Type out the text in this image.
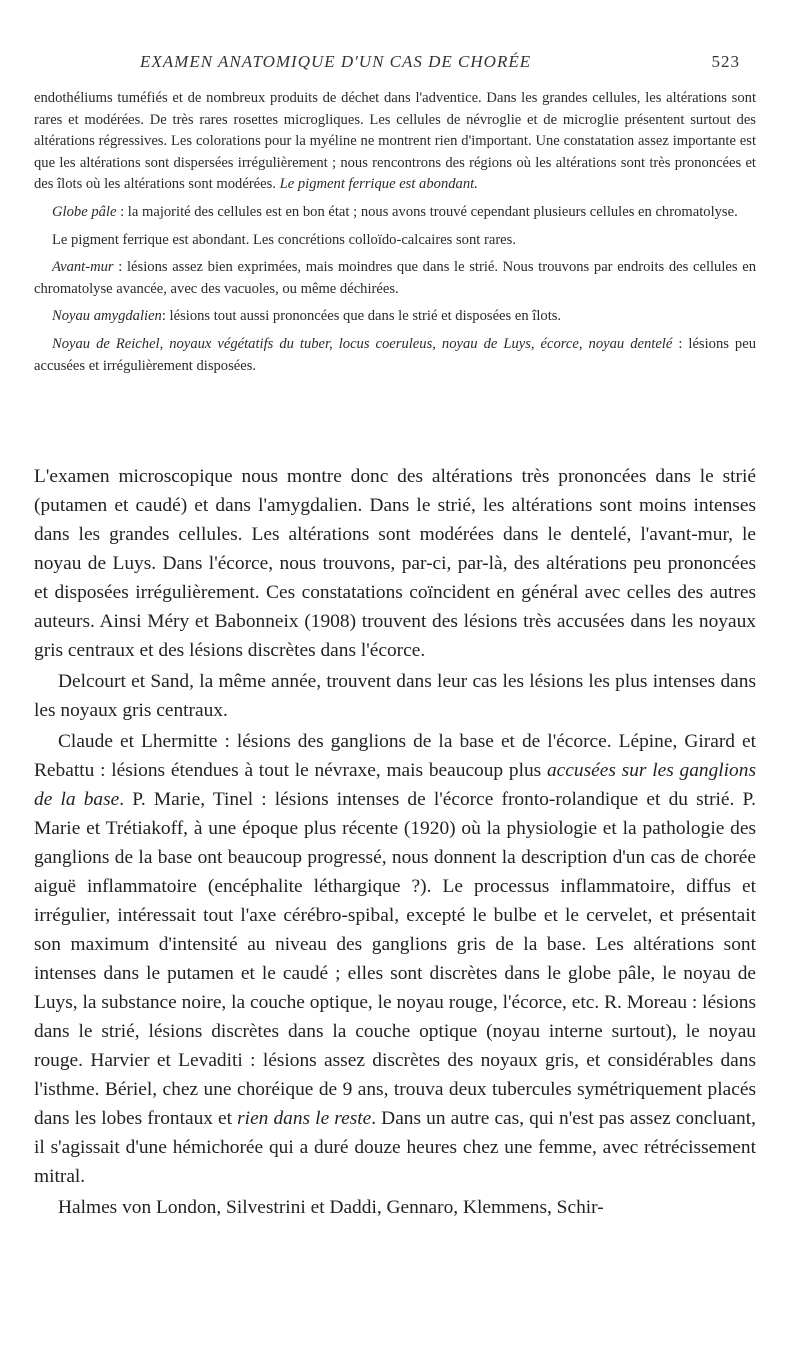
EXAMEN ANATOMIQUE D'UN CAS DE CHORÉE	523

endothéliums tuméfiés et de nombreux produits de déchet dans l'adventice. Dans les grandes cellules, les altérations sont rares et modérées. De très rares rosettes microgliques. Les cellules de névroglie et de microglie présentent surtout des altérations régressives. Les colorations pour la myéline ne montrent rien d'important. Une constatation assez importante est que les altérations sont dispersées irrégulièrement ; nous rencontrons des régions où les altérations sont très prononcées et des îlots où les altérations sont modérées. Le pigment ferrique est abondant.

Globe pâle : la majorité des cellules est en bon état ; nous avons trouvé cependant plusieurs cellules en chromatolyse.

Le pigment ferrique est abondant. Les concrétions colloïdo-calcaires sont rares.

Avant-mur : lésions assez bien exprimées, mais moindres que dans le strié. Nous trouvons par endroits des cellules en chromatolyse avancée, avec des vacuoles, ou même déchirées.

Noyau amygdalien: lésions tout aussi prononcées que dans le strié et disposées en îlots.

Noyau de Reichel, noyaux végétatifs du tuber, locus coeruleus, noyau de Luys, écorce, noyau dentelé : lésions peu accusées et irrégulièrement disposées.

L'examen microscopique nous montre donc des altérations très prononcées dans le strié (putamen et caudé) et dans l'amygdalien. Dans le strié, les altérations sont moins intenses dans les grandes cellules. Les altérations sont modérées dans le dentelé, l'avant-mur, le noyau de Luys. Dans l'écorce, nous trouvons, par-ci, par-là, des altérations peu prononcées et disposées irrégulièrement. Ces constatations coïncident en général avec celles des autres auteurs. Ainsi Méry et Babonneix (1908) trouvent des lésions très accusées dans les noyaux gris centraux et des lésions discrètes dans l'écorce.

Delcourt et Sand, la même année, trouvent dans leur cas les lésions les plus intenses dans les noyaux gris centraux.

Claude et Lhermitte : lésions des ganglions de la base et de l'écorce. Lépine, Girard et Rebattu : lésions étendues à tout le névraxe, mais beaucoup plus accusées sur les ganglions de la base. P. Marie, Tinel : lésions intenses de l'écorce fronto-rolandique et du strié. P. Marie et Trétiakoff, à une époque plus récente (1920) où la physiologie et la pathologie des ganglions de la base ont beaucoup progressé, nous donnent la description d'un cas de chorée aiguë inflammatoire (encéphalite léthargique ?). Le processus inflammatoire, diffus et irrégulier, intéressait tout l'axe cérébro-spibal, excepté le bulbe et le cervelet, et présentait son maximum d'intensité au niveau des ganglions gris de la base. Les altérations sont intenses dans le putamen et le caudé ; elles sont discrètes dans le globe pâle, le noyau de Luys, la substance noire, la couche optique, le noyau rouge, l'écorce, etc. R. Moreau : lésions dans le strié, lésions discrètes dans la couche optique (noyau interne surtout), le noyau rouge. Harvier et Levaditi : lésions assez discrètes des noyaux gris, et considérables dans l'isthme. Bériel, chez une choréique de 9 ans, trouva deux tubercules symétriquement placés dans les lobes frontaux et rien dans le reste. Dans un autre cas, qui n'est pas assez concluant, il s'agissait d'une hémichorée qui a duré douze heures chez une femme, avec rétrécissement mitral.

Halmes von London, Silvestrini et Daddi, Gennaro, Klemmens, Schir-
